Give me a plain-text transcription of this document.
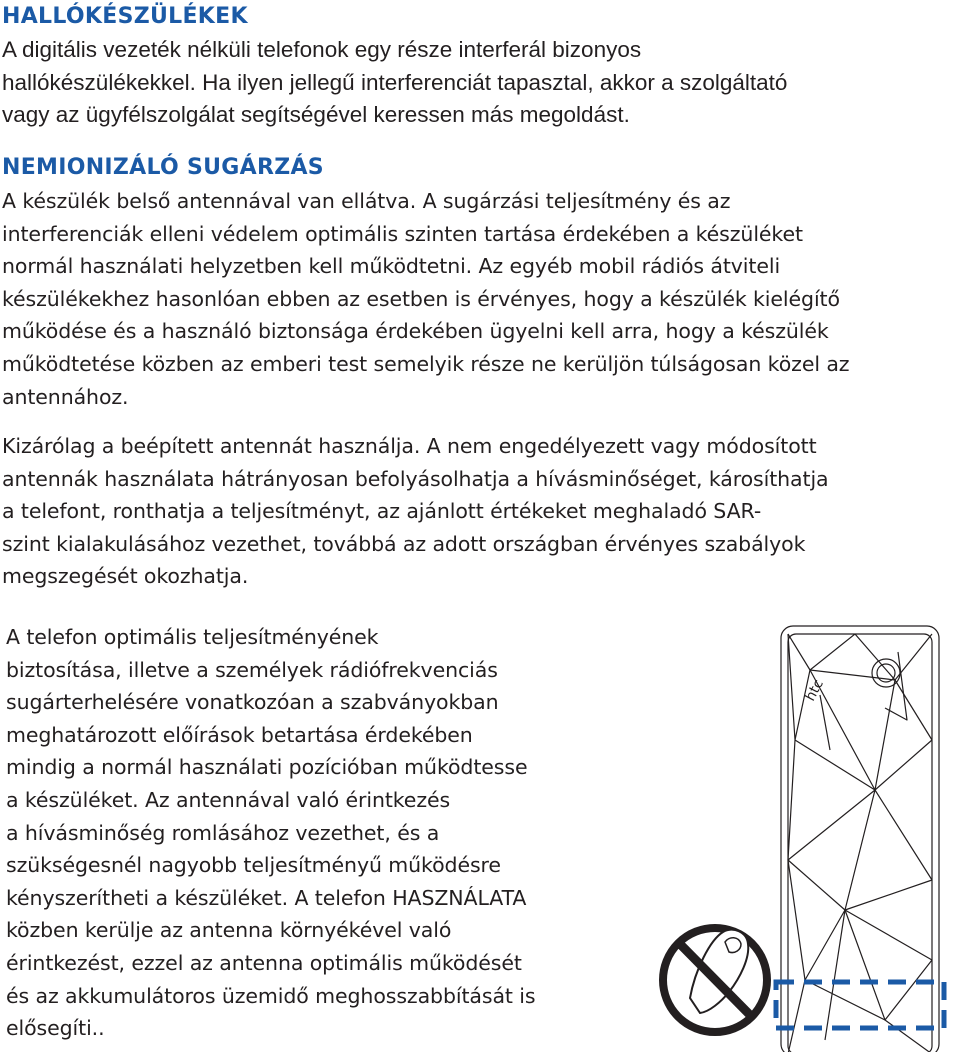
HALLÓKÉSZÜLÉKEK
A digitális vezeték nélküli telefonok egy része interferál bizonyos
hallókészülékekkel. Ha ilyen jellegű interferenciát tapasztal, akkor a szolgáltató
vagy az ügyfélszolgálat segítségével keressen más megoldást.
NEMIONIZÁLÓ SUGÁRZÁS
A készülék belső antennával van ellátva. A sugárzási teljesítmény és az
interferenciák elleni védelem optimális szinten tartása érdekében a készüléket
normál használati helyzetben kell működtetni. Az egyéb mobil rádiós átviteli
készülékekhez hasonlóan ebben az esetben is érvényes, hogy a készülék kielégítő
működése és a használó biztonsága érdekében ügyelni kell arra, hogy a készülék
működtetése közben az emberi test semelyik része ne kerüljön túlságosan közel az
antennához.
Kizárólag a beépített antennát használja. A nem engedélyezett vagy módosított
antennák használata hátrányosan befolyásolhatja a hívásminőséget, károsíthatja
a telefont, ronthatja a teljesítményt, az ajánlott értékeket meghaladó SAR-
szint kialakulásához vezethet, továbbá az adott országban érvényes szabályok
megszegését okozhatja.
A telefon optimális teljesítményének
biztosítása, illetve a személyek rádiófrekvenciás
sugárterhelésére vonatkozóan a szabványokban
meghatározott előírások betartása érdekében
mindig a normál használati pozícióban működtesse
a készüléket. Az antennával való érintkezés
a hívásminőség romlásához vezethet, és a
szükségesnél nagyobb teljesítményű működésre
kényszerítheti a készüléket. A telefon HASZNÁLATA
közben kerülje az antenna környékével való
érintkezést, ezzel az antenna optimális működését
és az akkumulátoros üzemidő meghosszabbítását is
elősegíti..
htc
